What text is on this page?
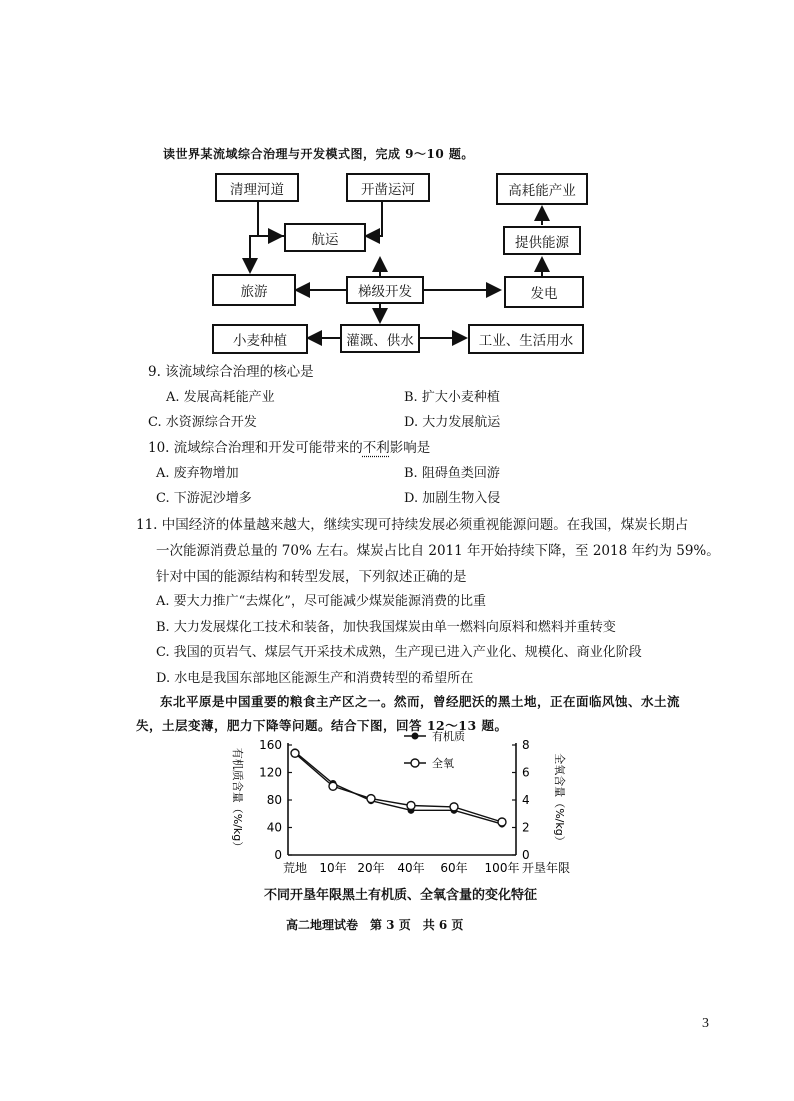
读世界某流域综合治理与开发模式图，完成 9～10 题。
清理河道	开凿运河	高耗能产业
航运	提供能源
旅游	梯级开发	发电
小麦种植	灌溉、供水	工业、生活用水
9. 该流域综合治理的核心是
A. 发展高耗能产业	B. 扩大小麦种植
C. 水资源综合开发	D. 大力发展航运
10. 流域综合治理和开发可能带来的不利影响是
A. 废弃物增加	B. 阻碍鱼类回游
C. 下游泥沙增多	D. 加剧生物入侵
11. 中国经济的体量越来越大，继续实现可持续发展必须重视能源问题。在我国，煤炭长期占
一次能源消费总量的 70% 左右。煤炭占比自 2011 年开始持续下降，至 2018 年约为 59%。
针对中国的能源结构和转型发展，下列叙述正确的是
A. 要大力推广“去煤化”，尽可能减少煤炭能源消费的比重
B. 大力发展煤化工技术和装备，加快我国煤炭由单一燃料向原料和燃料并重转变
C. 我国的页岩气、煤层气开采技术成熟，生产现已进入产业化、规模化、商业化阶段
D. 水电是我国东部地区能源生产和消费转型的希望所在
东北平原是中国重要的粮食主产区之一。然而，曾经肥沃的黑土地，正在面临风蚀、水土流
失，土层变薄，肥力下降等问题。结合下图，回答 12～13 题。
160
120
80
40
0
8
6
4
2
0
有机质含量（%/kg）	全氧含量（%/kg）
荒地 10年 20年 40年 60年 100年 开垦年限
有机质
全氧
不同开垦年限黑土有机质、全氧含量的变化特征
高二地理试卷　第 3 页　共 6 页
3
